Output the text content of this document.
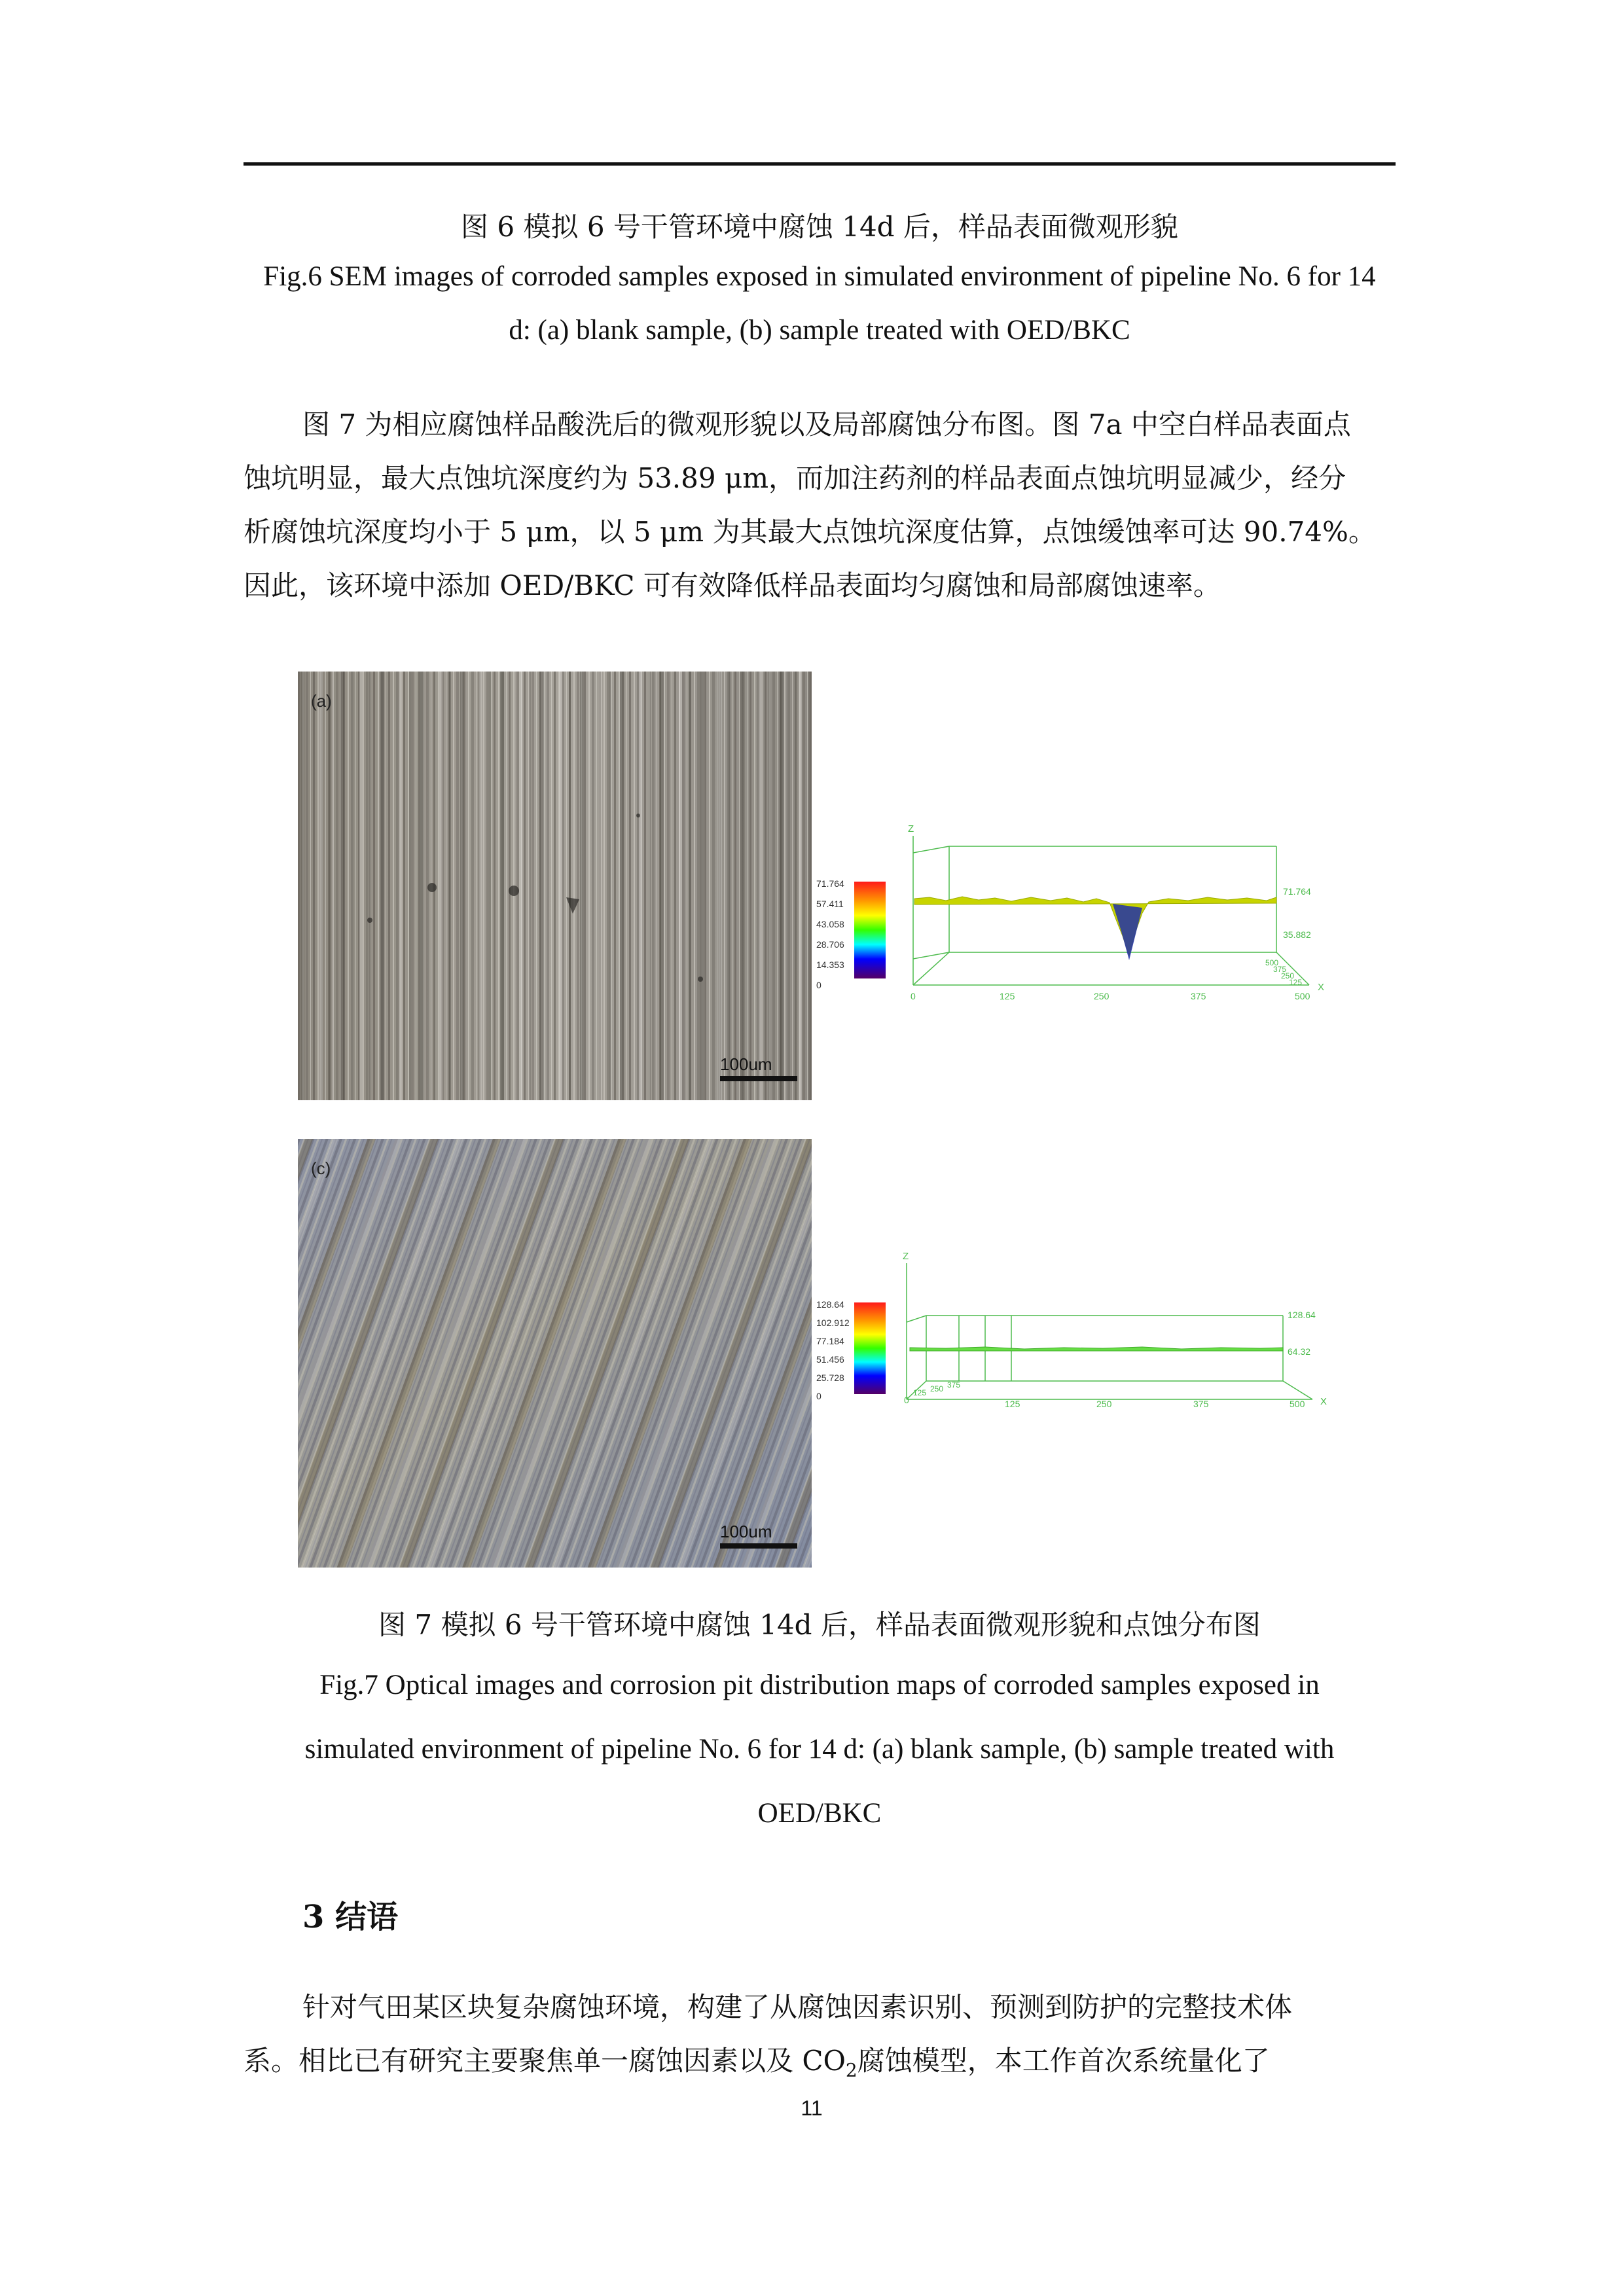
图 6 模拟 6 号干管环境中腐蚀 14d 后，样品表面微观形貌
Fig.6 SEM images of corroded samples exposed in simulated environment of pipeline No. 6 for 14
d: (a) blank sample, (b) sample treated with OED/BKC
图 7 为相应腐蚀样品酸洗后的微观形貌以及局部腐蚀分布图。图 7a 中空白样品表面点
蚀坑明显，最大点蚀坑深度约为 53.89 μm，而加注药剂的样品表面点蚀坑明显减少，经分
析腐蚀坑深度均小于 5 μm，以 5 μm 为其最大点蚀坑深度估算，点蚀缓蚀率可达 90.74%。
因此，该环境中添加 OED/BKC 可有效降低样品表面均匀腐蚀和局部腐蚀速率。
(a)
100um
71.764
57.411
43.058
28.706
14.353
0
Z
X
71.764
35.882
0	125	250	375	500
500
375
250
125
(c)
100um
128.64
102.912
77.184
51.456
25.728
0
Z
X
128.64
64.32
0	125	250	375	500
125 250 375
图 7 模拟 6 号干管环境中腐蚀 14d 后，样品表面微观形貌和点蚀分布图
Fig.7 Optical images and corrosion pit distribution maps of corroded samples exposed in
simulated environment of pipeline No. 6 for 14 d: (a) blank sample, (b) sample treated with
OED/BKC
3 结语
针对气田某区块复杂腐蚀环境，构建了从腐蚀因素识别、预测到防护的完整技术体
系。相比已有研究主要聚焦单一腐蚀因素以及 $CO_2$腐蚀模型，本工作首次系统量化了
11
